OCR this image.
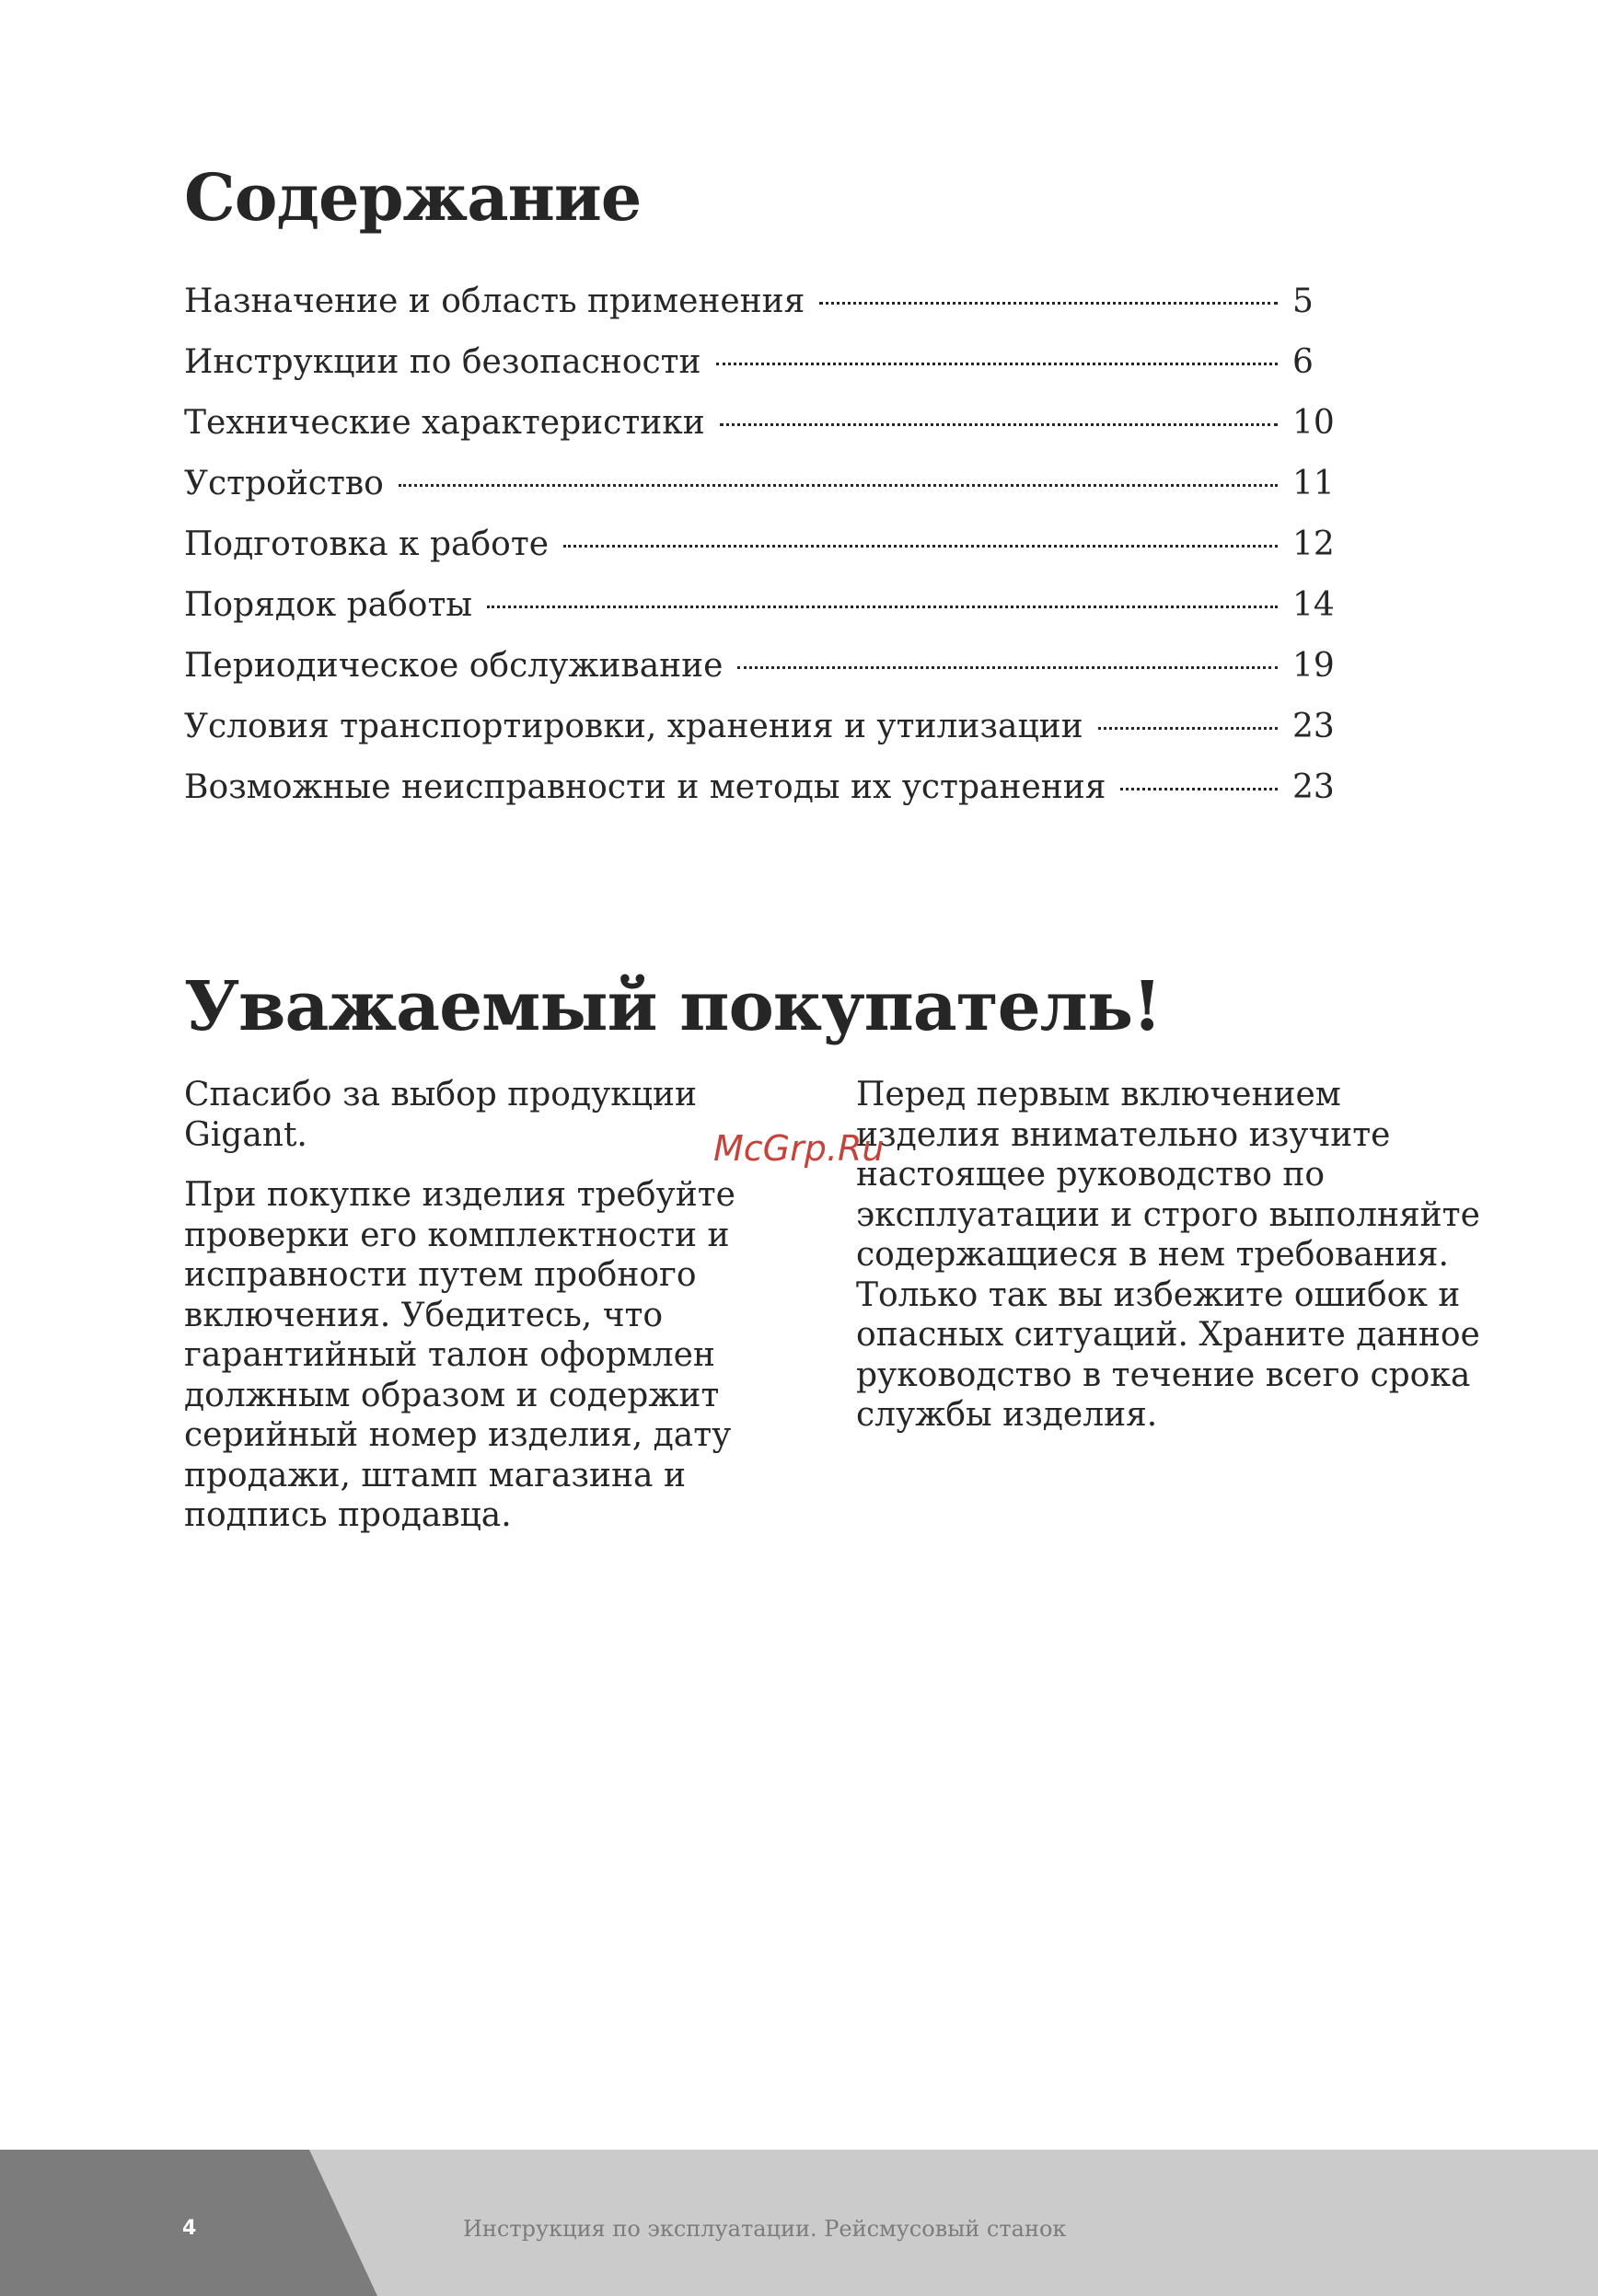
Содержание
Назначение и область применения	5
Инструкции по безопасности	6
Технические характеристики	10
Устройство	11
Подготовка к работе	12
Порядок работы	14
Периодическое обслуживание	19
Условия транспортировки, хранения и утилизации	23
Возможные неисправности и методы их устранения	23
Уважаемый покупатель!

Спасибо за выбор продукции Gigant.

При покупке изделия требуйте проверки его комплектности и исправности путем пробного включения. Убедитесь, что гарантийный талон оформлен должным образом и содержит серийный номер изделия, дату продажи, штамп магазина и подпись продавца.

Перед первым включением изделия внимательно изучите настоящее руководство по эксплуатации и строго выполняйте содержащиеся в нем требования. Только так вы избежите ошибок и опасных ситуаций. Храните данное руководство в течение всего срока службы изделия.

McGrp.Ru
4	Инструкция по эксплуатации. Рейсмусовый станок
